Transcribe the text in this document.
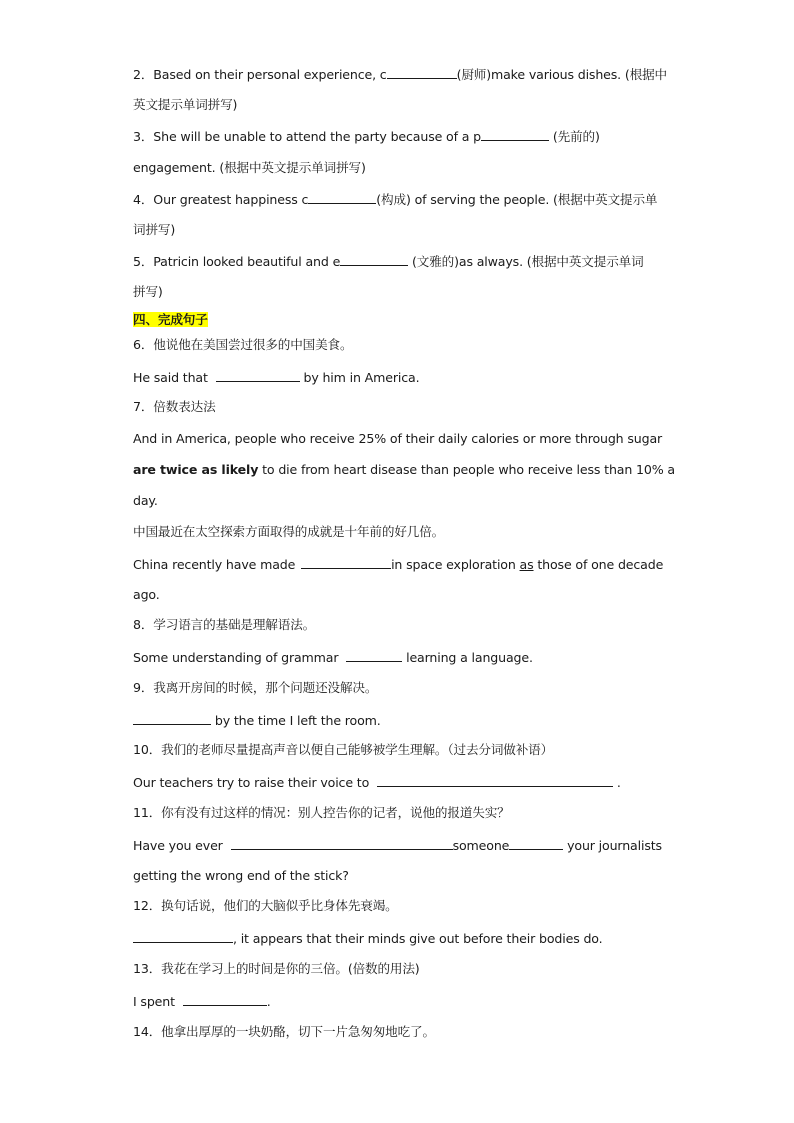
2．Based on their personal experience, c	(厨师)make various dishes. (根据中
英文提示单词拼写)
3．She will be unable to attend the party because of a p	(先前的)
engagement. (根据中英文提示单词拼写)
4．Our greatest happiness c	(构成) of serving the people. (根据中英文提示单
词拼写)
5．Patricin looked beautiful and e	(文雅的)as always. (根据中英文提示单词
拼写)
四、完成句子
6．他说他在美国尝过很多的中国美食。
He said that	by him in America.
7．倍数表达法
And in America, people who receive 25% of their daily calories or more through sugar
are twice as likely to die from heart disease than people who receive less than 10% a
day.
中国最近在太空探索方面取得的成就是十年前的好几倍。
China recently have made	in space exploration as those of one decade
ago.
8．学习语言的基础是理解语法。
Some understanding of grammar	learning a language.
9．我离开房间的时候，那个问题还没解决。
by the time I left the room.
10．我们的老师尽量提高声音以便自己能够被学生理解。（过去分词做补语）
Our teachers try to raise their voice to	.
11．你有没有过这样的情况：别人控告你的记者，说他的报道失实？
Have you ever	someone	your journalists
getting the wrong end of the stick?
12．换句话说，他们的大脑似乎比身体先衰竭。
, it appears that their minds give out before their bodies do.
13．我花在学习上的时间是你的三倍。(倍数的用法)
I spent	.
14．他拿出厚厚的一块奶酪，切下一片急匆匆地吃了。
